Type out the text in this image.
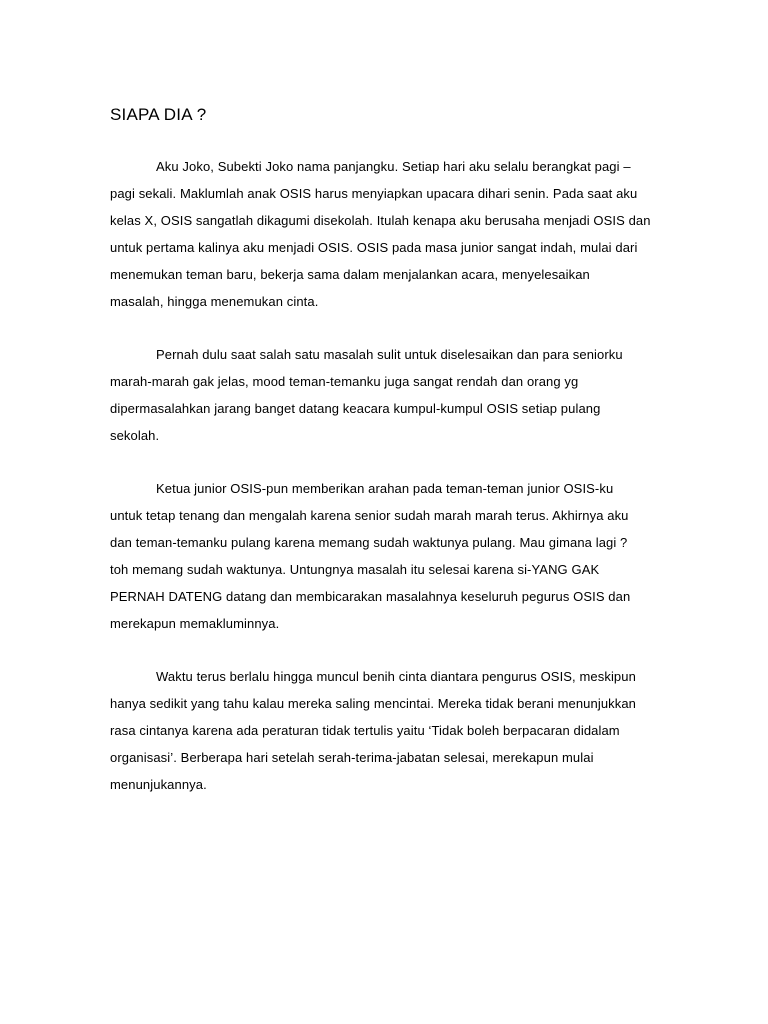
SIAPA DIA ?
Aku Joko, Subekti Joko nama panjangku. Setiap hari aku selalu berangkat pagi –
pagi sekali. Maklumlah anak OSIS harus menyiapkan upacara dihari senin. Pada saat aku
kelas X, OSIS sangatlah dikagumi disekolah. Itulah kenapa aku berusaha menjadi OSIS dan
untuk pertama kalinya aku menjadi OSIS. OSIS pada masa junior sangat indah, mulai dari
menemukan teman baru, bekerja sama dalam menjalankan acara, menyelesaikan
masalah, hingga menemukan cinta.
Pernah dulu saat salah satu masalah sulit untuk diselesaikan dan para seniorku
marah-marah gak jelas, mood teman-temanku juga sangat rendah dan orang yg
dipermasalahkan jarang banget datang keacara kumpul-kumpul OSIS setiap pulang
sekolah.
Ketua junior OSIS-pun memberikan arahan pada teman-teman junior OSIS-ku
untuk tetap tenang dan mengalah karena senior sudah marah marah terus. Akhirnya aku
dan teman-temanku pulang karena memang sudah waktunya pulang. Mau gimana lagi ?
toh memang sudah waktunya. Untungnya masalah itu selesai karena si-YANG GAK
PERNAH DATENG datang dan membicarakan masalahnya keseluruh pegurus OSIS dan
merekapun memakluminnya.
Waktu terus berlalu hingga muncul benih cinta diantara pengurus OSIS, meskipun
hanya sedikit yang tahu kalau mereka saling mencintai. Mereka tidak berani menunjukkan
rasa cintanya karena ada peraturan tidak tertulis yaitu ‘Tidak boleh berpacaran didalam
organisasi’. Berberapa hari setelah serah-terima-jabatan selesai, merekapun mulai
menunjukannya.
